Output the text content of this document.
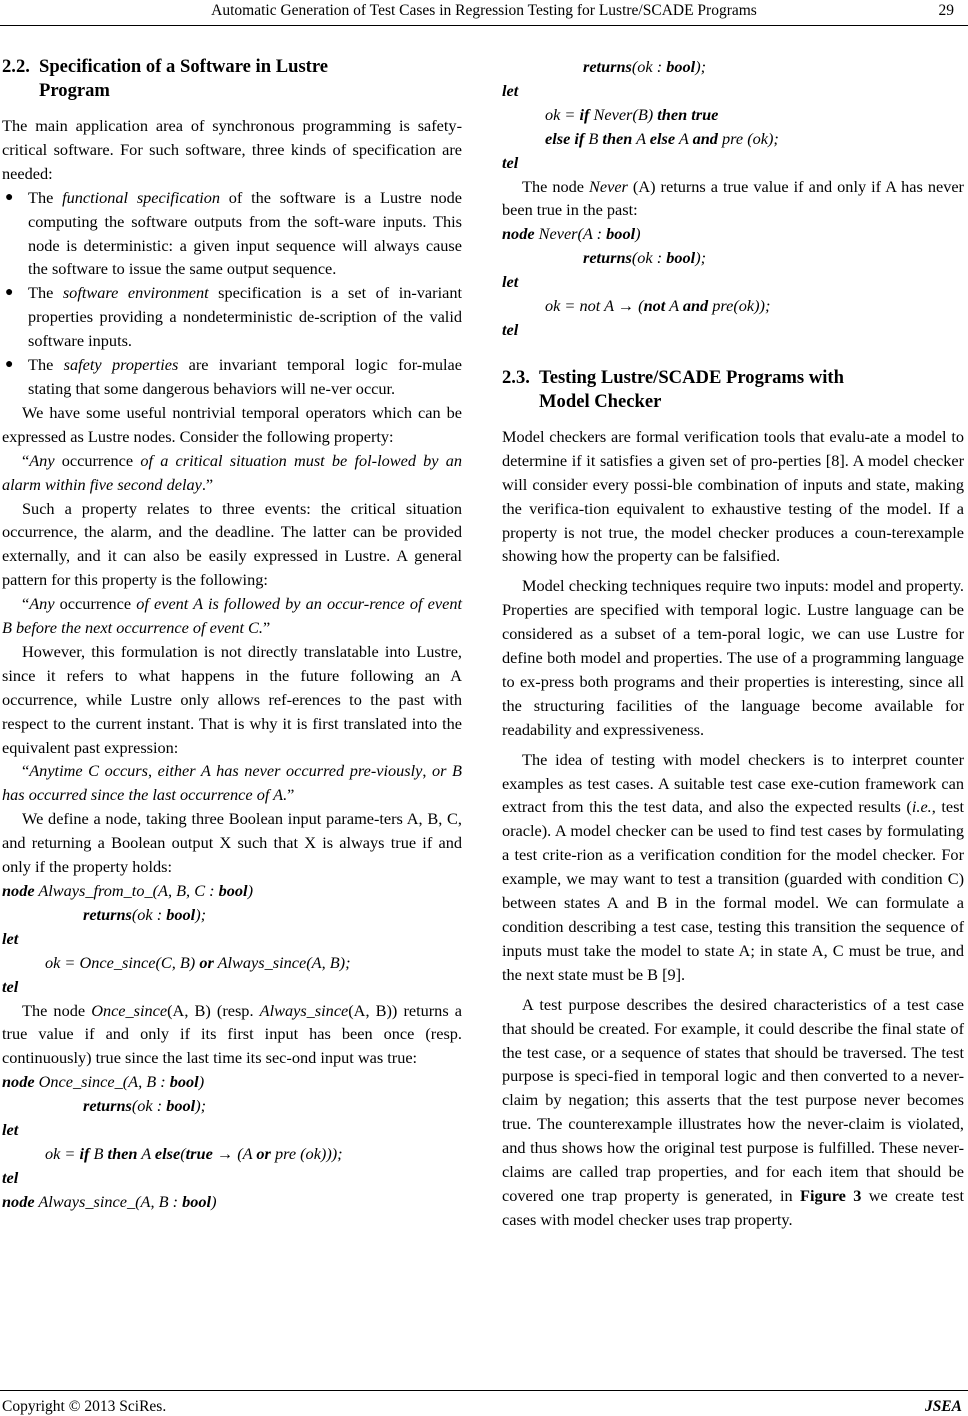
Automatic Generation of Test Cases in Regression Testing for Lustre/SCADE Programs	29
2.2. Specification of a Software in Lustre
Program

The main application area of synchronous programming is safety-critical software. For such software, three kinds of specification are needed:

● The functional specification of the software is a Lustre node computing the software outputs from the soft-ware inputs. This node is deterministic: a given input sequence will always cause the software to issue the same output sequence.
● The software environment specification is a set of in-variant properties providing a nondeterministic de-scription of the valid software inputs.
● The safety properties are invariant temporal logic for-mulae stating that some dangerous behaviors will ne-ver occur.

We have some useful nontrivial temporal operators which can be expressed as Lustre nodes. Consider the following property:

“Any occurrence of a critical situation must be fol-lowed by an alarm within five second delay.”

Such a property relates to three events: the critical situation occurrence, the alarm, and the deadline. The latter can be provided externally, and it can also be easily expressed in Lustre. A general pattern for this property is the following:

“Any occurrence of event A is followed by an occur-rence of event B before the next occurrence of event C.”

However, this formulation is not directly translatable into Lustre, since it refers to what happens in the future following an A occurrence, while Lustre only allows ref-erences to the past with respect to the current instant. That is why it is first translated into the equivalent past expression:

“Anytime C occurs, either A has never occurred pre-viously, or B has occurred since the last occurrence of A.”

We define a node, taking three Boolean input parame-ters A, B, C, and returning a Boolean output X such that X is always true if and only if the property holds:

node Always_from_to_(A, B, C : bool)

returns(ok : bool);

let

ok = Once_since(C, B) or Always_since(A, B);

tel

The node Once_since(A, B) (resp. Always_since(A, B)) returns a true value if and only if its first input has been once (resp. continuously) true since the last time its sec-ond input was true:

node Once_since_(A, B : bool)

returns(ok : bool);

let

ok = if B then A else(true → (A or pre (ok)));

tel

node Always_since_(A, B : bool)

returns(ok : bool);

let

ok = if Never(B) then true

else if B then A else A and pre (ok);

tel

The node Never (A) returns a true value if and only if A has never been true in the past:

node Never(A : bool)

returns(ok : bool);

let

ok = not A → (not A and pre(ok));

tel

2.3. Testing Lustre/SCADE Programs with
Model Checker

Model checkers are formal verification tools that evalu-ate a model to determine if it satisfies a given set of pro-perties [8]. A model checker will consider every possi-ble combination of inputs and state, making the verifica-tion equivalent to exhaustive testing of the model. If a property is not true, the model checker produces a coun-terexample showing how the property can be falsified.

Model checking techniques require two inputs: model and property. Properties are specified with temporal logic. Lustre language can be considered as a subset of a tem-poral logic, we can use Lustre for define both model and properties. The use of a programming language to ex-press both programs and their properties is interesting, since all the structuring facilities of the language become available for readability and expressiveness.

The idea of testing with model checkers is to interpret counter examples as test cases. A suitable test case exe-cution framework can extract from this the test data, and also the expected results (i.e., test oracle). A model checker can be used to find test cases by formulating a test crite-rion as a verification condition for the model checker. For example, we may want to test a transition (guarded with condition C) between states A and B in the formal model. We can formulate a condition describing a test case, testing this transition the sequence of inputs must take the model to state A; in state A, C must be true, and the next state must be B [9].

A test purpose describes the desired characteristics of a test case that should be created. For example, it could describe the final state of the test case, or a sequence of states that should be traversed. The test purpose is speci-fied in temporal logic and then converted to a never-claim by negation; this asserts that the test purpose never becomes true. The counterexample illustrates how the never-claim is violated, and thus shows how the original test purpose is fulfilled. These never-claims are called trap properties, and for each item that should be covered one trap property is generated, in Figure 3 we create test cases with model checker uses trap property.

Copyright © 2013 SciRes.	JSEA
